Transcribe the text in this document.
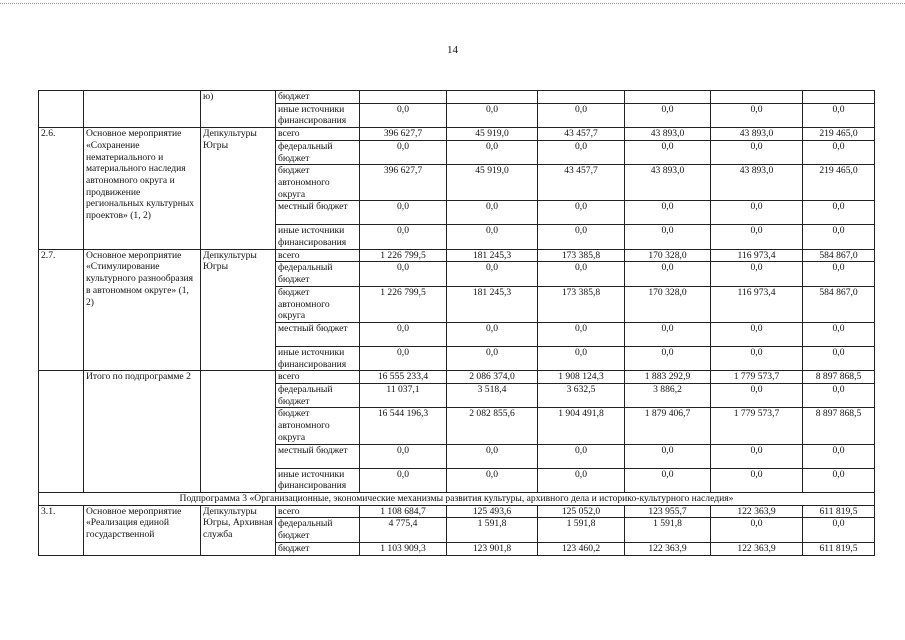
14
		ю)	бюджет						
			иные источники финансирования	0,0	0,0	0,0	0,0	0,0	0,0
2.6.	Основное мероприятие «Сохранение нематериального и материального наследия автономного округа и продвижение региональных культурных проектов» (1, 2)	Депкультуры Югры	всего	396 627,7	45 919,0	43 457,7	43 893,0	43 893,0	219 465,0
			федеральный бюджет	0,0	0,0	0,0	0,0	0,0	0,0
			бюджет автономного округа	396 627,7	45 919,0	43 457,7	43 893,0	43 893,0	219 465,0
			местный бюджет	0,0	0,0	0,0	0,0	0,0	0,0
			иные источники финансирования	0,0	0,0	0,0	0,0	0,0	0,0
2.7.	Основное мероприятие «Стимулирование культурного разнообразия в автономном округе» (1, 2)	Депкультуры Югры	всего	1 226 799,5	181 245,3	173 385,8	170 328,0	116 973,4	584 867,0
			федеральный бюджет	0,0	0,0	0,0	0,0	0,0	0,0
			бюджет автономного округа	1 226 799,5	181 245,3	173 385,8	170 328,0	116 973,4	584 867,0
			местный бюджет	0,0	0,0	0,0	0,0	0,0	0,0
			иные источники финансирования	0,0	0,0	0,0	0,0	0,0	0,0
	Итого по подпрограмме 2		всего	16 555 233,4	2 086 374,0	1 908 124,3	1 883 292,9	1 779 573,7	8 897 868,5
			федеральный бюджет	11 037,1	3 518,4	3 632,5	3 886,2	0,0	0,0
			бюджет автономного округа	16 544 196,3	2 082 855,6	1 904 491,8	1 879 406,7	1 779 573,7	8 897 868,5
			местный бюджет	0,0	0,0	0,0	0,0	0,0	0,0
			иные источники финансирования	0,0	0,0	0,0	0,0	0,0	0,0
Подпрограмма 3 «Организационные, экономические механизмы развития культуры, архивного дела и историко-культурного наследия»									
3.1.	Основное мероприятие «Реализация единой государственной	Депкультуры Югры, Архивная служба	всего	1 108 684,7	125 493,6	125 052,0	123 955,7	122 363,9	611 819,5
			федеральный бюджет	4 775,4	1 591,8	1 591,8	1 591,8	0,0	0,0
			бюджет	1 103 909,3	123 901,8	123 460,2	122 363,9	122 363,9	611 819,5
